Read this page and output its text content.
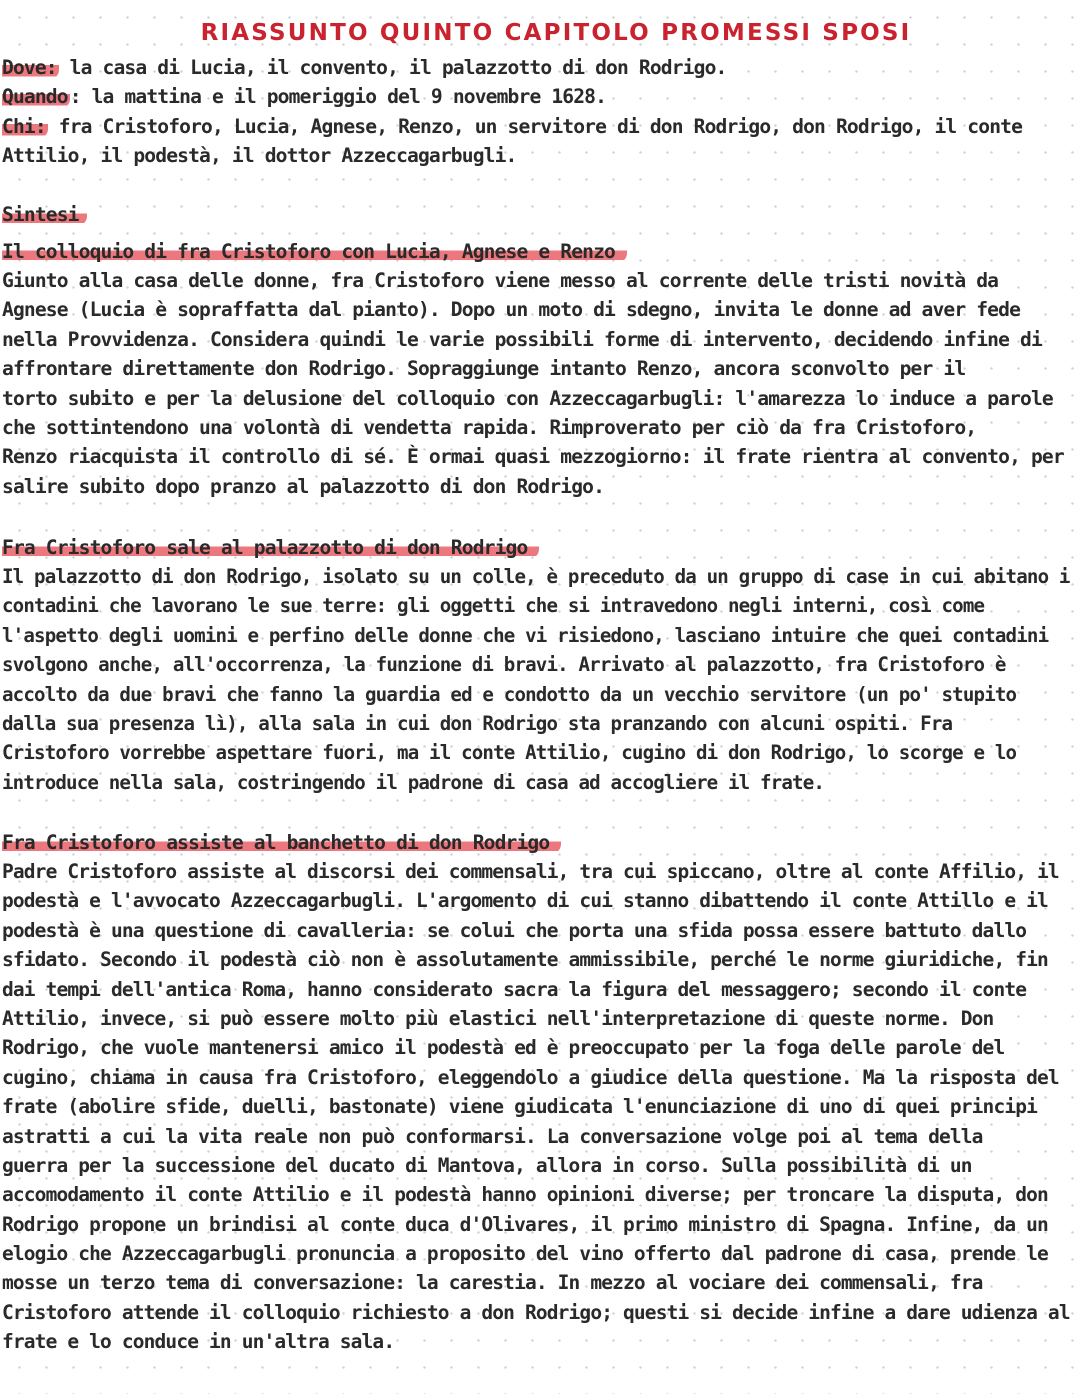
RIASSUNTO QUINTO CAPITOLO PROMESSI SPOSI
Dove: la casa di Lucia, il convento, il palazzotto di don Rodrigo.
Quando : la mattina e il pomeriggio del 9 novembre 1628.
Chi: fra Cristoforo, Lucia, Agnese, Renzo, un servitore di don Rodrigo, don Rodrigo, il conte
Attilio, il podestà, il dottor Azzeccagarbugli.
Sintesi
Il colloquio di fra Cristoforo con Lucia, Agnese e Renzo
Giunto alla casa delle donne, fra Cristoforo viene messo al corrente delle tristi novità da
Agnese (Lucia è sopraffatta dal pianto). Dopo un moto di sdegno, invita le donne ad aver fede
nella Provvidenza. Considera quindi le varie possibili forme di intervento, decidendo infine di
affrontare direttamente don Rodrigo. Sopraggiunge intanto Renzo, ancora sconvolto per il
torto subito e per la delusione del colloquio con Azzeccagarbugli: l'amarezza lo induce a parole
che sottintendono una volontà di vendetta rapida. Rimproverato per ciò da fra Cristoforo,
Renzo riacquista il controllo di sé. È ormai quasi mezzogiorno: il frate rientra al convento, per
salire subito dopo pranzo al palazzotto di don Rodrigo.
Fra Cristoforo sale al palazzotto di don Rodrigo
Il palazzotto di don Rodrigo, isolato su un colle, è preceduto da un gruppo di case in cui abitano i
contadini che lavorano le sue terre: gli oggetti che si intravedono negli interni, così come
l'aspetto degli uomini e perfino delle donne che vi risiedono, lasciano intuire che quei contadini
svolgono anche, all'occorrenza, la funzione di bravi. Arrivato al palazzotto, fra Cristoforo è
accolto da due bravi che fanno la guardia ed e condotto da un vecchio servitore (un po' stupito
dalla sua presenza lì), alla sala in cui don Rodrigo sta pranzando con alcuni ospiti. Fra
Cristoforo vorrebbe aspettare fuori, ma il conte Attilio, cugino di don Rodrigo, lo scorge e lo
introduce nella sala, costringendo il padrone di casa ad accogliere il frate.
Fra Cristoforo assiste al banchetto di don Rodrigo
Padre Cristoforo assiste al discorsi dei commensali, tra cui spiccano, oltre al conte Affilio, il
podestà e l'avvocato Azzeccagarbugli. L'argomento di cui stanno dibattendo il conte Attillo e il
podestà è una questione di cavalleria: se colui che porta una sfida possa essere battuto dallo
sfidato. Secondo il podestà ciò non è assolutamente ammissibile, perché le norme giuridiche, fin
dai tempi dell'antica Roma, hanno considerato sacra la figura del messaggero; secondo il conte
Attilio, invece, si può essere molto più elastici nell'interpretazione di queste norme. Don
Rodrigo, che vuole mantenersi amico il podestà ed è preoccupato per la foga delle parole del
cugino, chiama in causa fra Cristoforo, eleggendolo a giudice della questione. Ma la risposta del
frate (abolire sfide, duelli, bastonate) viene giudicata l'enunciazione di uno di quei principi
astratti a cui la vita reale non può conformarsi. La conversazione volge poi al tema della
guerra per la successione del ducato di Mantova, allora in corso. Sulla possibilità di un
accomodamento il conte Attilio e il podestà hanno opinioni diverse; per troncare la disputa, don
Rodrigo propone un brindisi al conte duca d'Olivares, il primo ministro di Spagna. Infine, da un
elogio che Azzeccagarbugli pronuncia a proposito del vino offerto dal padrone di casa, prende le
mosse un terzo tema di conversazione: la carestia. In mezzo al vociare dei commensali, fra
Cristoforo attende il colloquio richiesto a don Rodrigo; questi si decide infine a dare udienza al
frate e lo conduce in un'altra sala.
